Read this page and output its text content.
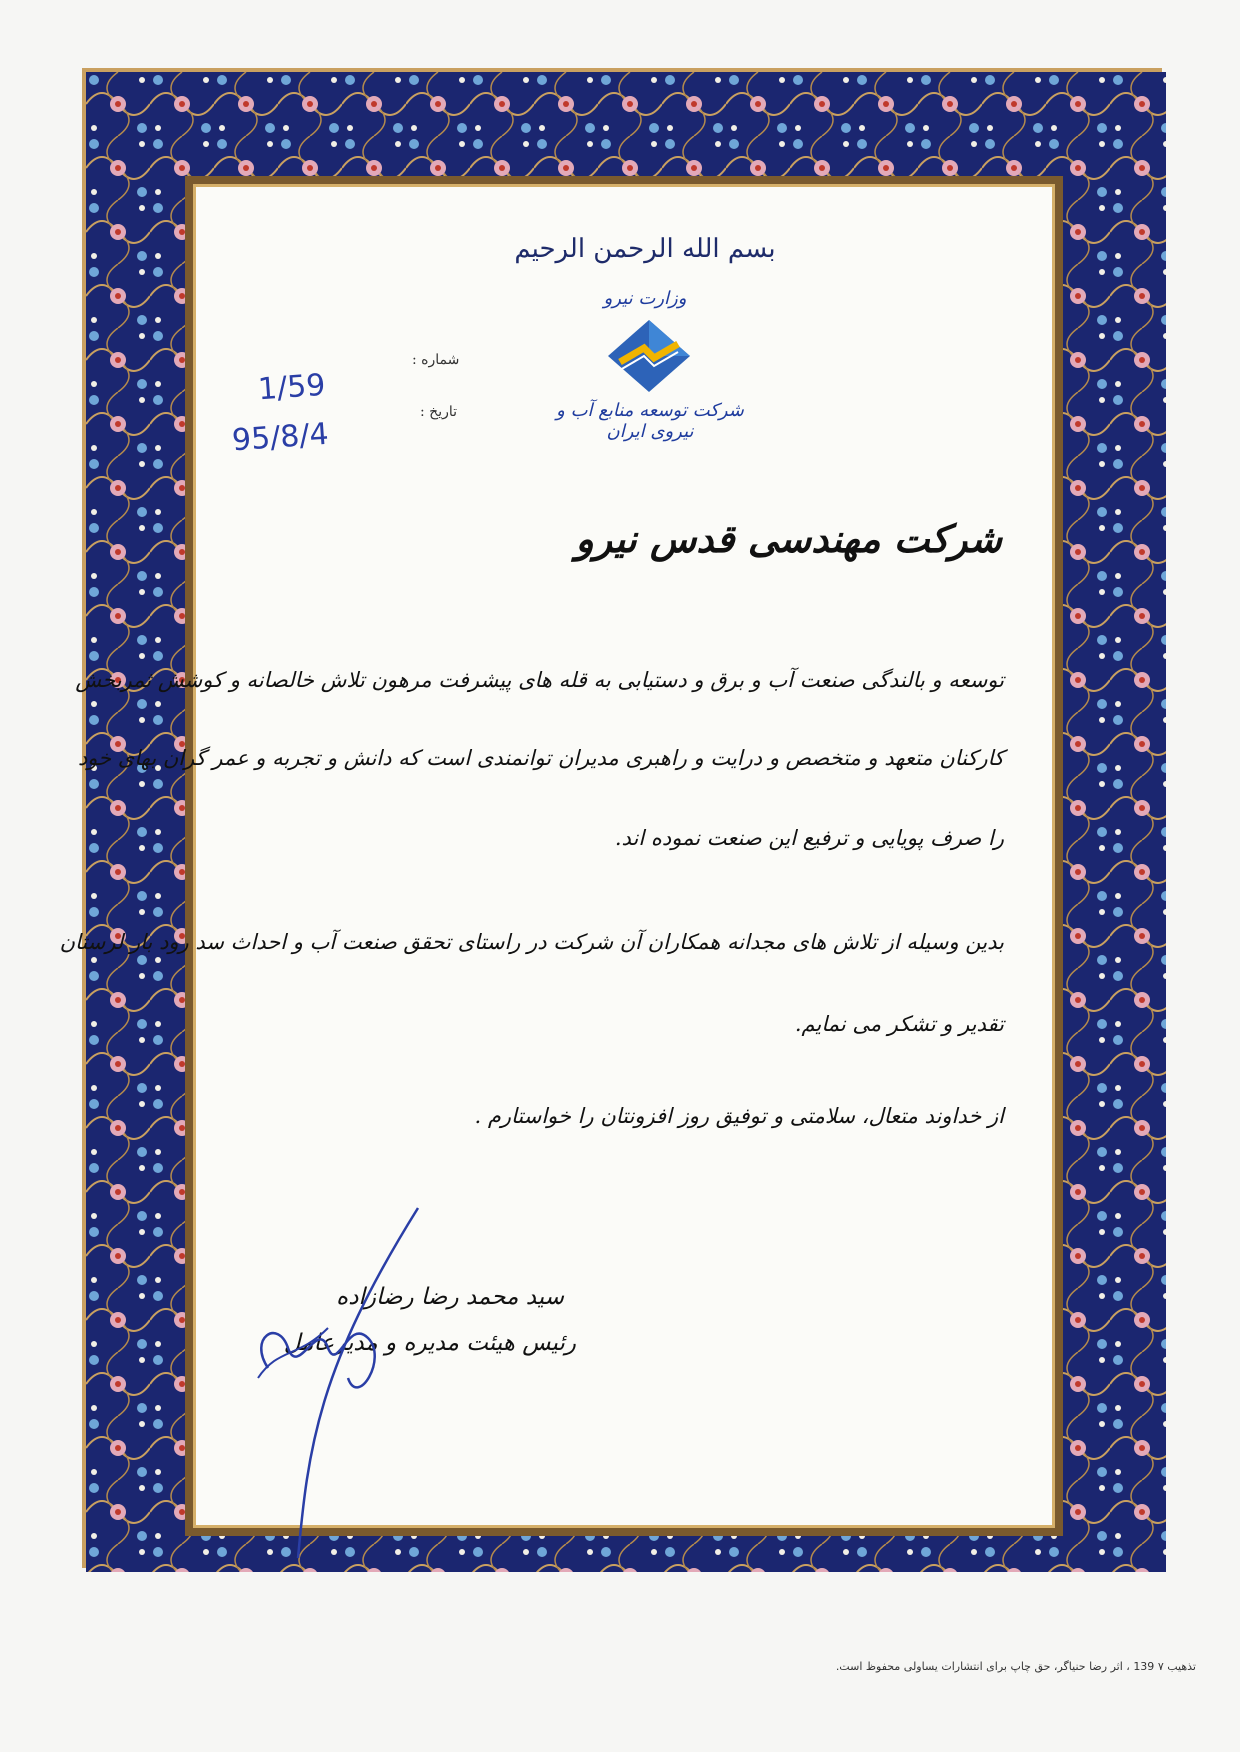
بسم الله الرحمن الرحيم
وزارت نیرو
شرکت توسعه منابع آب و نیروی ایران
شماره :
تاریخ :
1/59
95/8/4
شرکت مهندسی قدس نیرو
توسعه و بالندگی صنعت آب و برق و دستیابی به قله های پیشرفت مرهون تلاش خالصانه و کوشش ثمربخش
کارکنان متعهد و متخصص و درایت و راهبری مدیران توانمندی است که دانش و تجربه و عمر گران بهای خود
را صرف پویایی و ترفیع این صنعت نموده اند.
بدین وسیله از تلاش های مجدانه همکاران آن شرکت در راستای تحقق صنعت آب و احداث سد رود بار لرستان
تقدیر و تشکر می نمایم.
از خداوند متعال، سلامتی و توفیق روز افزونتان را خواستارم .
سید محمد رضا رضازاده
رئیس هیئت مدیره و مدیرعامل
تذهیب ۷ 139 ، اثر رضا حنیاگر، حق چاپ برای انتشارات یساولی محفوظ است.
